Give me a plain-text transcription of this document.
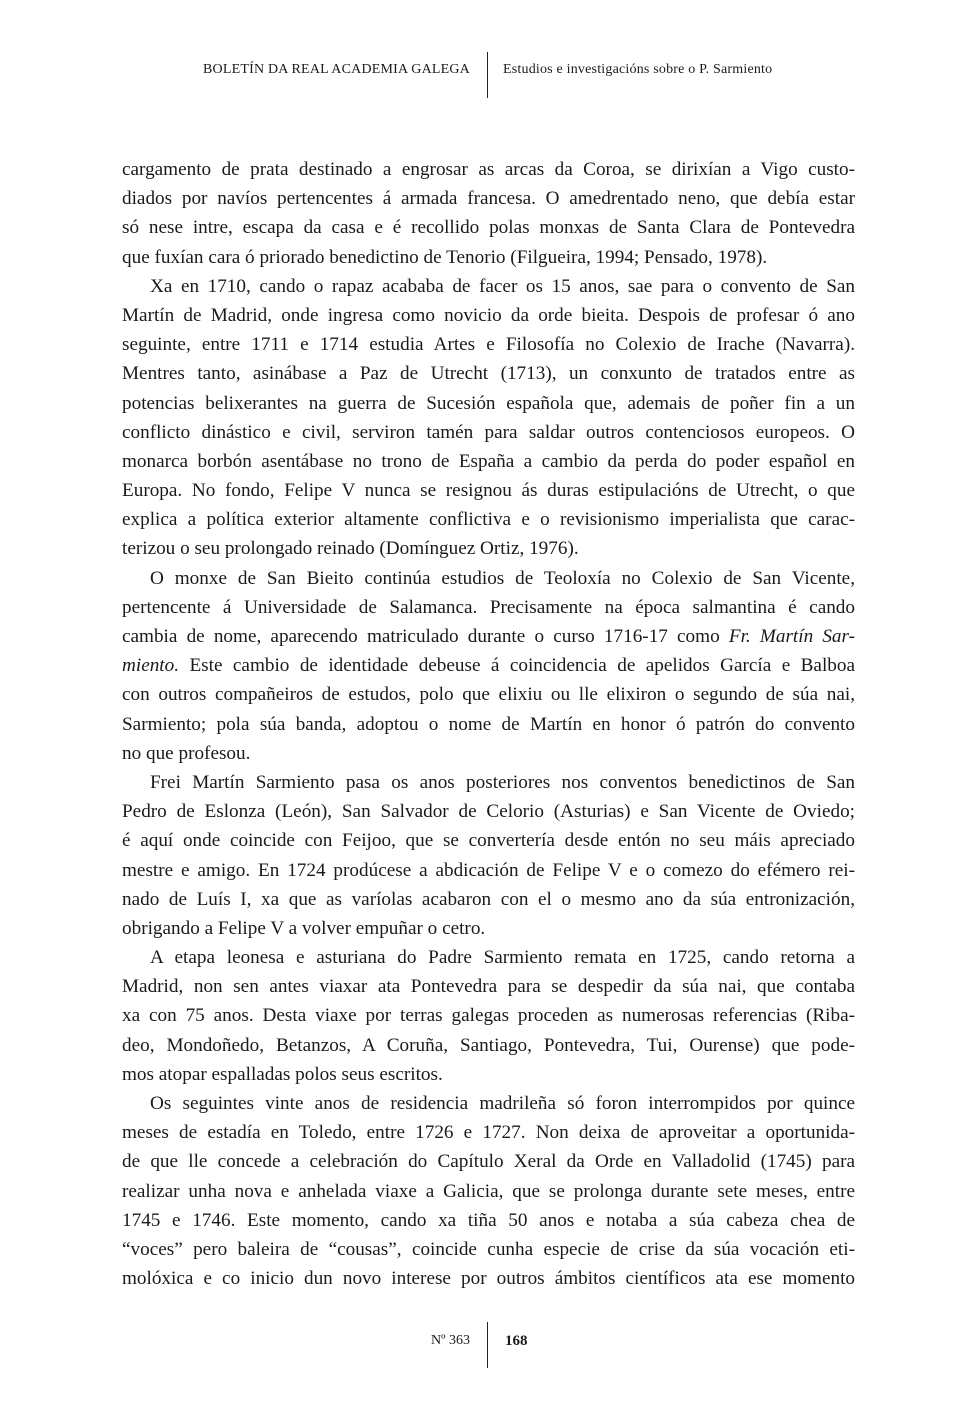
BOLETÍN DA REAL ACADEMIA GALEGA Estudios e investigacións sobre o P. Sarmiento
cargamento de prata destinado a engrosar as arcas da Coroa, se dirixían a Vigo custo-
diados por navíos pertencentes á armada francesa. O amedrentado neno, que debía estar
só nese intre, escapa da casa e é recollido polas monxas de Santa Clara de Pontevedra
que fuxían cara ó priorado benedictino de Tenorio (Filgueira, 1994; Pensado, 1978).
Xa en 1710, cando o rapaz acababa de facer os 15 anos, sae para o convento de San
Martín de Madrid, onde ingresa como novicio da orde bieita. Despois de profesar ó ano
seguinte, entre 1711 e 1714 estudia Artes e Filosofía no Colexio de Irache (Navarra).
Mentres tanto, asinábase a Paz de Utrecht (1713), un conxunto de tratados entre as
potencias belixerantes na guerra de Sucesión española que, ademais de poñer fin a un
conflicto dinástico e civil, serviron tamén para saldar outros contenciosos europeos. O
monarca borbón asentábase no trono de España a cambio da perda do poder español en
Europa. No fondo, Felipe V nunca se resignou ás duras estipulacións de Utrecht, o que
explica a política exterior altamente conflictiva e o revisionismo imperialista que carac-
terizou o seu prolongado reinado (Domínguez Ortiz, 1976).
O monxe de San Bieito continúa estudios de Teoloxía no Colexio de San Vicente,
pertencente á Universidade de Salamanca. Precisamente na época salmantina é cando
cambia de nome, aparecendo matriculado durante o curso 1716-17 como Fr. Martín Sar-
miento. Este cambio de identidade debeuse á coincidencia de apelidos García e Balboa
con outros compañeiros de estudos, polo que elixiu ou lle elixiron o segundo de súa nai,
Sarmiento; pola súa banda, adoptou o nome de Martín en honor ó patrón do convento
no que profesou.
Frei Martín Sarmiento pasa os anos posteriores nos conventos benedictinos de San
Pedro de Eslonza (León), San Salvador de Celorio (Asturias) e San Vicente de Oviedo;
é aquí onde coincide con Feijoo, que se convertería desde entón no seu máis apreciado
mestre e amigo. En 1724 prodúcese a abdicación de Felipe V e o comezo do efémero rei-
nado de Luís I, xa que as varíolas acabaron con el o mesmo ano da súa entronización,
obrigando a Felipe V a volver empuñar o cetro.
A etapa leonesa e asturiana do Padre Sarmiento remata en 1725, cando retorna a
Madrid, non sen antes viaxar ata Pontevedra para se despedir da súa nai, que contaba
xa con 75 anos. Desta viaxe por terras galegas proceden as numerosas referencias (Riba-
deo, Mondoñedo, Betanzos, A Coruña, Santiago, Pontevedra, Tui, Ourense) que pode-
mos atopar espalladas polos seus escritos.
Os seguintes vinte anos de residencia madrileña só foron interrompidos por quince
meses de estadía en Toledo, entre 1726 e 1727. Non deixa de aproveitar a oportunida-
de que lle concede a celebración do Capítulo Xeral da Orde en Valladolid (1745) para
realizar unha nova e anhelada viaxe a Galicia, que se prolonga durante sete meses, entre
1745 e 1746. Este momento, cando xa tiña 50 anos e notaba a súa cabeza chea de
“voces” pero baleira de “cousas”, coincide cunha especie de crise da súa vocación eti-
molóxica e co inicio dun novo interese por outros ámbitos científicos ata ese momento
Nº 363 168
